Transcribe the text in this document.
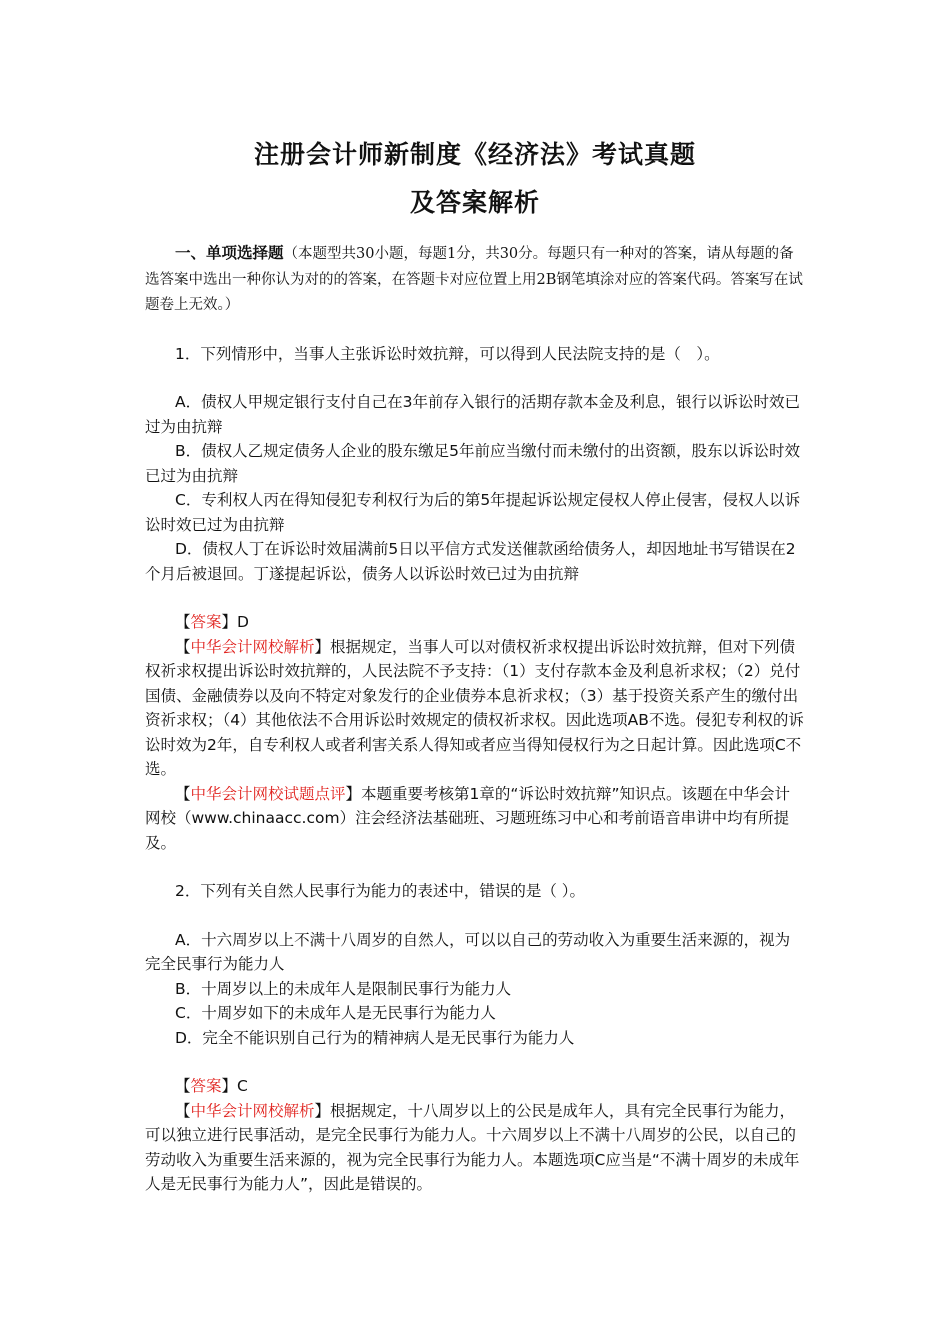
注册会计师新制度《经济法》考试真题
及答案解析

一、单项选择题（本题型共30小题，每题1分，共30分。每题只有一种对的答案，请从每题的备选答案中选出一种你认为对的的答案，在答题卡对应位置上用2B钢笔填涂对应的答案代码。答案写在试题卷上无效。）

1．下列情形中，当事人主张诉讼时效抗辩，可以得到人民法院支持的是（　）。

A．债权人甲规定银行支付自己在3年前存入银行的活期存款本金及利息，银行以诉讼时效已过为由抗辩

B．债权人乙规定债务人企业的股东缴足5年前应当缴付而未缴付的出资额，股东以诉讼时效已过为由抗辩

C．专利权人丙在得知侵犯专利权行为后的第5年提起诉讼规定侵权人停止侵害，侵权人以诉讼时效已过为由抗辩

D．债权人丁在诉讼时效届满前5日以平信方式发送催款函给债务人，却因地址书写错误在2个月后被退回。丁遂提起诉讼，债务人以诉讼时效已过为由抗辩

【答案】D

【中华会计网校解析】根据规定，当事人可以对债权祈求权提出诉讼时效抗辩，但对下列债权祈求权提出诉讼时效抗辩的，人民法院不予支持：（1）支付存款本金及利息祈求权；（2）兑付国债、金融债券以及向不特定对象发行的企业债券本息祈求权；（3）基于投资关系产生的缴付出资祈求权；（4）其他依法不合用诉讼时效规定的债权祈求权。因此选项AB不选。侵犯专利权的诉讼时效为2年，自专利权人或者利害关系人得知或者应当得知侵权行为之日起计算。因此选项C不选。

【中华会计网校试题点评】本题重要考核第1章的“诉讼时效抗辩”知识点。该题在中华会计网校（www.chinaacc.com）注会经济法基础班、习题班练习中心和考前语音串讲中均有所提及。

2．下列有关自然人民事行为能力的表述中，错误的是（ ）。

A．十六周岁以上不满十八周岁的自然人，可以以自己的劳动收入为重要生活来源的，视为完全民事行为能力人

B．十周岁以上的未成年人是限制民事行为能力人

C．十周岁如下的未成年人是无民事行为能力人

D．完全不能识别自己行为的精神病人是无民事行为能力人

【答案】C

【中华会计网校解析】根据规定，十八周岁以上的公民是成年人，具有完全民事行为能力，可以独立进行民事活动，是完全民事行为能力人。十六周岁以上不满十八周岁的公民，以自己的劳动收入为重要生活来源的，视为完全民事行为能力人。本题选项C应当是“不满十周岁的未成年人是无民事行为能力人”，因此是错误的。
